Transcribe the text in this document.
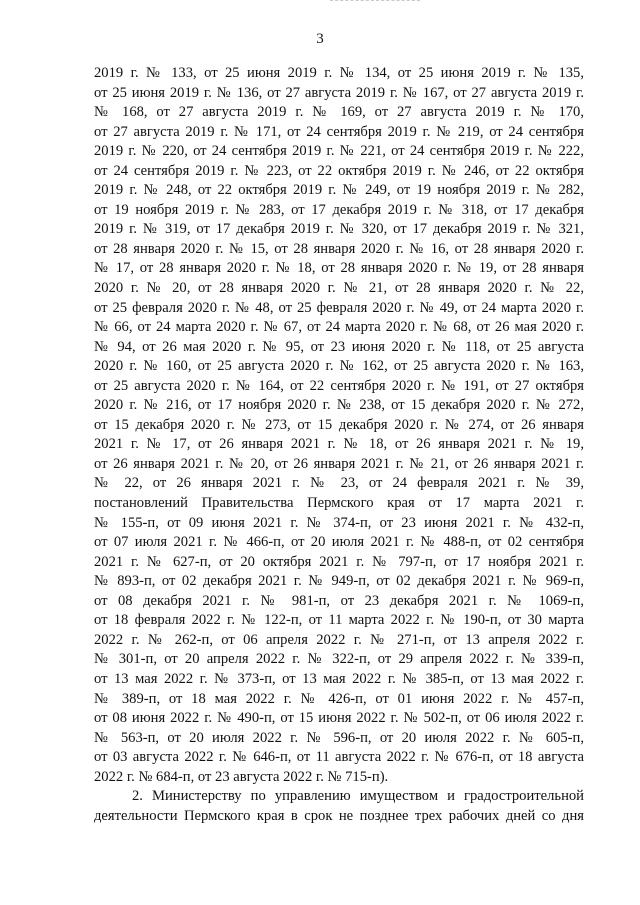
3
2019 г. № 133, от 25 июня 2019 г. № 134, от 25 июня 2019 г. № 135,
от 25 июня 2019 г. № 136, от 27 августа 2019 г. № 167, от 27 августа 2019 г.
№ 168, от 27 августа 2019 г. № 169, от 27 августа 2019 г. № 170,
от 27 августа 2019 г. № 171, от 24 сентября 2019 г. № 219, от 24 сентября
2019 г. № 220, от 24 сентября 2019 г. № 221, от 24 сентября 2019 г. № 222,
от 24 сентября 2019 г. № 223, от 22 октября 2019 г. № 246, от 22 октября
2019 г. № 248, от 22 октября 2019 г. № 249, от 19 ноября 2019 г. № 282,
от 19 ноября 2019 г. № 283, от 17 декабря 2019 г. № 318, от 17 декабря
2019 г. № 319, от 17 декабря 2019 г. № 320, от 17 декабря 2019 г. № 321,
от 28 января 2020 г. № 15, от 28 января 2020 г. № 16, от 28 января 2020 г.
№ 17, от 28 января 2020 г. № 18, от 28 января 2020 г. № 19, от 28 января
2020 г. № 20, от 28 января 2020 г. № 21, от 28 января 2020 г. № 22,
от 25 февраля 2020 г. № 48, от 25 февраля 2020 г. № 49, от 24 марта 2020 г.
№ 66, от 24 марта 2020 г. № 67, от 24 марта 2020 г. № 68, от 26 мая 2020 г.
№ 94, от 26 мая 2020 г. № 95, от 23 июня 2020 г. № 118, от 25 августа
2020 г. № 160, от 25 августа 2020 г. № 162, от 25 августа 2020 г. № 163,
от 25 августа 2020 г. № 164, от 22 сентября 2020 г. № 191, от 27 октября
2020 г. № 216, от 17 ноября 2020 г. № 238, от 15 декабря 2020 г. № 272,
от 15 декабря 2020 г. № 273, от 15 декабря 2020 г. № 274, от 26 января
2021 г. № 17, от 26 января 2021 г. № 18, от 26 января 2021 г. № 19,
от 26 января 2021 г. № 20, от 26 января 2021 г. № 21, от 26 января 2021 г.
№ 22, от 26 января 2021 г. № 23, от 24 февраля 2021 г. № 39,
постановлений Правительства Пермского края от 17 марта 2021 г.
№ 155-п, от 09 июня 2021 г. № 374-п, от 23 июня 2021 г. № 432-п,
от 07 июля 2021 г. № 466-п, от 20 июля 2021 г. № 488-п, от 02 сентября
2021 г. № 627-п, от 20 октября 2021 г. № 797-п, от 17 ноября 2021 г.
№ 893-п, от 02 декабря 2021 г. № 949-п, от 02 декабря 2021 г. № 969-п,
от 08 декабря 2021 г. № 981-п, от 23 декабря 2021 г. № 1069-п,
от 18 февраля 2022 г. № 122-п, от 11 марта 2022 г. № 190-п, от 30 марта
2022 г. № 262-п, от 06 апреля 2022 г. № 271-п, от 13 апреля 2022 г.
№ 301-п, от 20 апреля 2022 г. № 322-п, от 29 апреля 2022 г. № 339-п,
от 13 мая 2022 г. № 373-п, от 13 мая 2022 г. № 385-п, от 13 мая 2022 г.
№ 389-п, от 18 мая 2022 г. № 426-п, от 01 июня 2022 г. № 457-п,
от 08 июня 2022 г. № 490-п, от 15 июня 2022 г. № 502-п, от 06 июля 2022 г.
№ 563-п, от 20 июля 2022 г. № 596-п, от 20 июля 2022 г. № 605-п,
от 03 августа 2022 г. № 646-п, от 11 августа 2022 г. № 676-п, от 18 августа
2022 г. № 684-п, от 23 августа 2022 г. № 715-п).
2. Министерству по управлению имуществом и градостроительной
деятельности Пермского края в срок не позднее трех рабочих дней со дня
